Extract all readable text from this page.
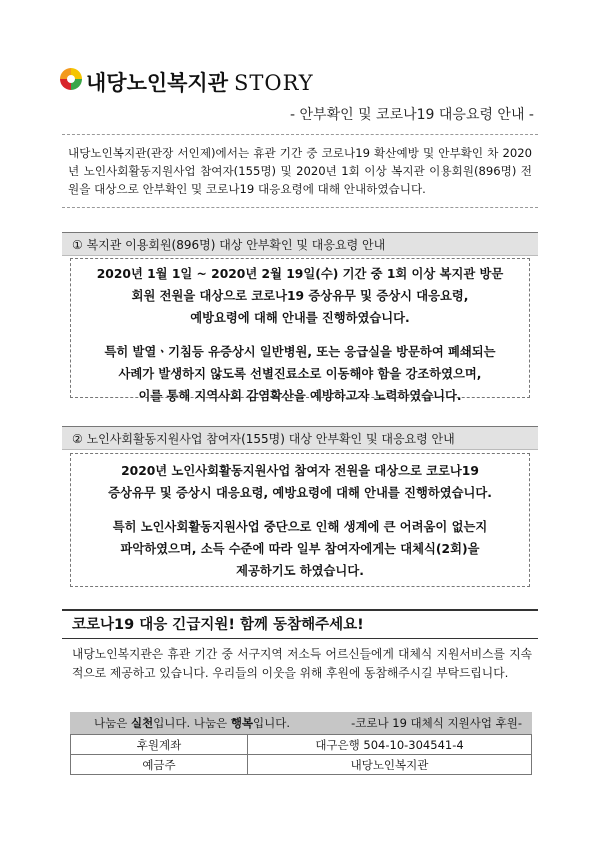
내당노인복지관 STORY
- 안부확인 및 코로나19 대응요령 안내 -

내당노인복지관(관장 서인제)에서는 휴관 기간 중 코로나19 확산예방 및 안부확인 차 2020년 노인사회활동지원사업 참여자(155명) 및 2020년 1회 이상 복지관 이용회원(896명) 전원을 대상으로 안부확인 및 코로나19 대응요령에 대해 안내하였습니다.

① 복지관 이용회원(896명) 대상 안부확인 및 대응요령 안내

2020년 1월 1일 ~ 2020년 2월 19일(수) 기간 중 1회 이상 복지관 방문

회원 전원을 대상으로 코로나19 증상유무 및 증상시 대응요령,

예방요령에 대해 안내를 진행하였습니다.

특히 발열ㆍ기침등 유증상시 일반병원, 또는 응급실을 방문하여 폐쇄되는

사례가 발생하지 않도록 선별진료소로 이동해야 함을 강조하였으며,

이를 통해 지역사회 감염확산을 예방하고자 노력하였습니다.

② 노인사회활동지원사업 참여자(155명) 대상 안부확인 및 대응요령 안내

2020년 노인사회활동지원사업 참여자 전원을 대상으로 코로나19

증상유무 및 증상시 대응요령, 예방요령에 대해 안내를 진행하였습니다.

특히 노인사회활동지원사업 중단으로 인해 생계에 큰 어려움이 없는지

파악하였으며, 소득 수준에 따라 일부 참여자에게는 대체식(2회)을

제공하기도 하였습니다.

코로나19 대응 긴급지원! 함께 동참해주세요!
내당노인복지관은 휴관 기간 중 서구지역 저소득 어르신들에게 대체식 지원서비스를 지속적으로 제공하고 있습니다. 우리들의 이웃을 위해 후원에 동참해주시길 부탁드립니다.
나눔은 실천입니다. 나눔은 행복입니다.	-코로나 19 대체식 지원사업 후원-
후원계좌	대구은행 504-10-304541-4
예금주	내당노인복지관
